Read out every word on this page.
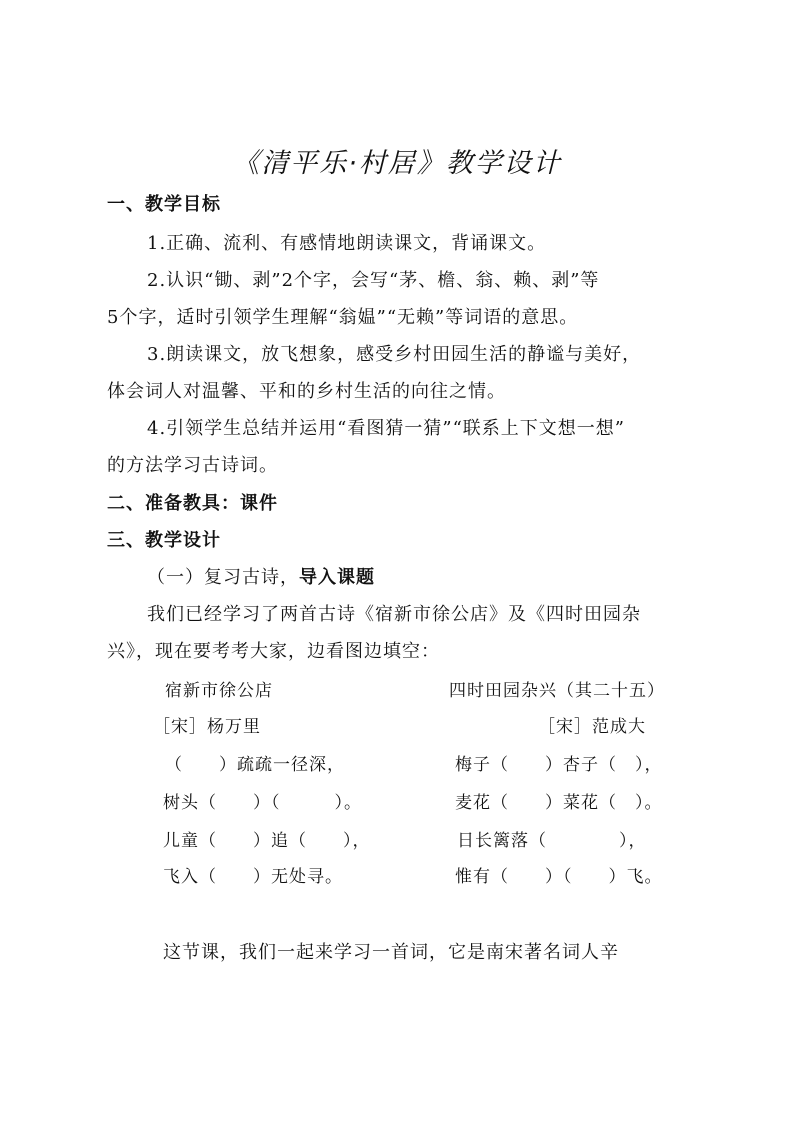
《清平乐·村居》教学设计
一、教学目标
1.正确、流利、有感情地朗读课文，背诵课文。
2.认识“锄、剥”2个字，会写“茅、檐、翁、赖、剥”等
5个字，适时引领学生理解“翁媪”“无赖”等词语的意思。
3.朗读课文，放飞想象，感受乡村田园生活的静谧与美好，
体会词人对温馨、平和的乡村生活的向往之情。
4.引领学生总结并运用“看图猜一猜”“联系上下文想一想”
的方法学习古诗词。
二、准备教具：课件
三、教学设计
（一）复习古诗，导入课题
我们已经学习了两首古诗《宿新市徐公店》及《四时田园杂
兴》，现在要考考大家，边看图边填空：
宿新市徐公店
［宋］杨万里
（　　）疏疏一径深，
树头（　　）（　　　）。
儿童（　　）追（　　），
飞入（　　）无处寻。
四时田园杂兴（其二十五）
［宋］范成大
梅子（　　）杏子（　），
麦花（　　）菜花（　）。
日长篱落（　　　　），
惟有（　　）（　　）飞。
这节课，我们一起来学习一首词，它是南宋著名词人辛
